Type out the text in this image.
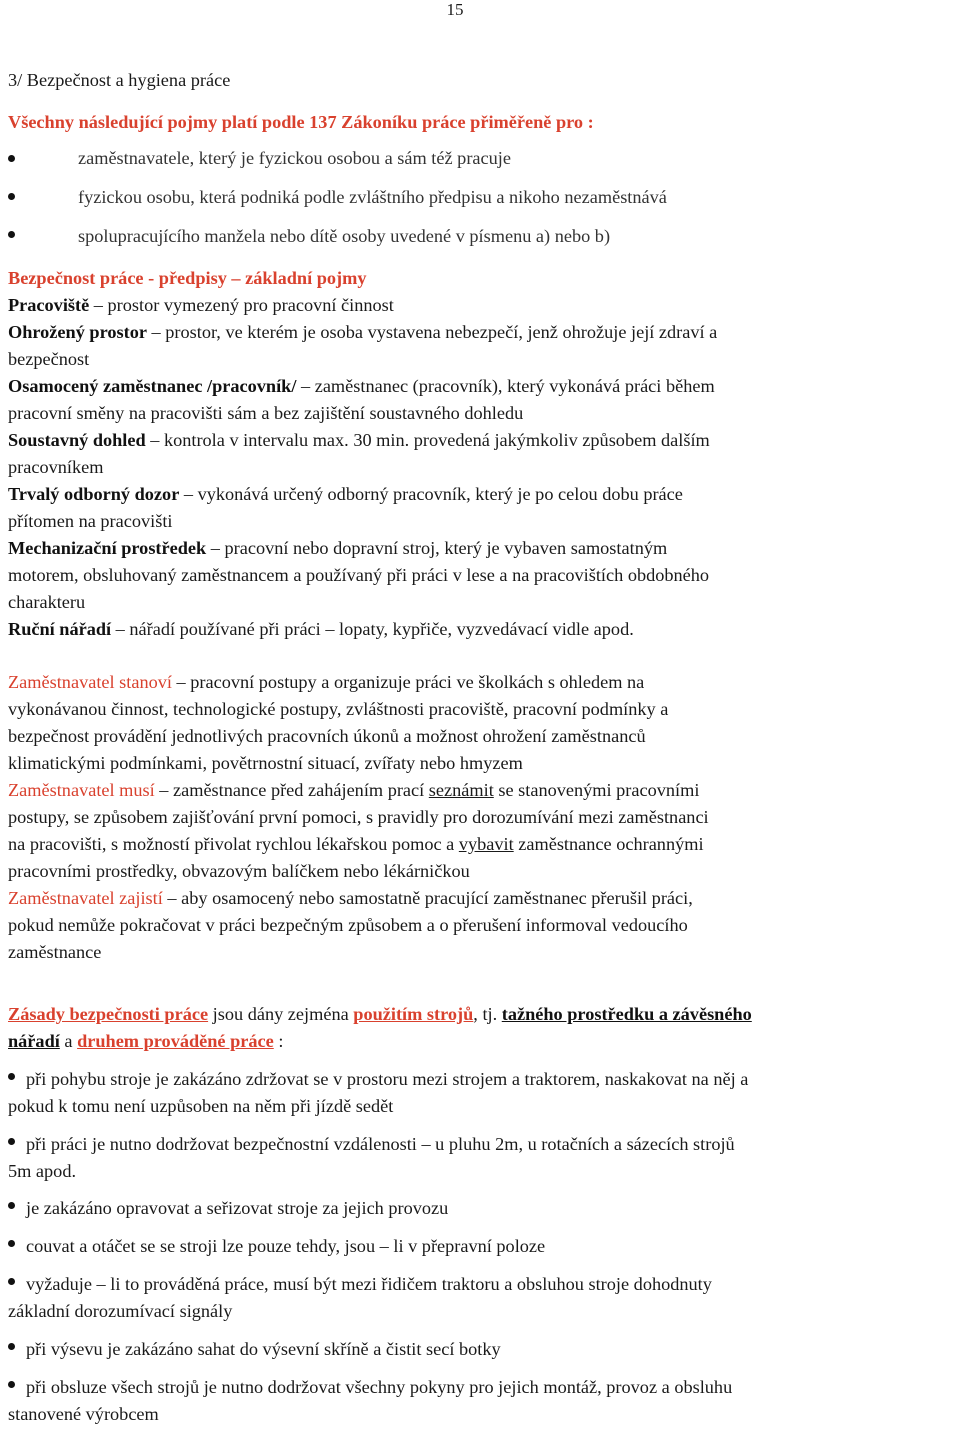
15
3/ Bezpečnost a hygiena práce
Všechny následující pojmy platí podle 137 Zákoníku práce přiměřeně pro :
zaměstnavatele, který je fyzickou osobou a sám též pracuje
fyzickou osobu, která podniká podle zvláštního předpisu a nikoho nezaměstnává
spolupracujícího manžela nebo dítě osoby uvedené v písmenu a) nebo b)
Bezpečnost práce - předpisy – základní pojmy
Pracoviště – prostor vymezený pro pracovní činnost
Ohrožený prostor – prostor, ve kterém je osoba vystavena nebezpečí, jenž ohrožuje její zdraví a
bezpečnost
Osamocený zaměstnanec /pracovník/ – zaměstnanec (pracovník), který vykonává práci během
pracovní směny na pracovišti sám a bez zajištění soustavného dohledu
Soustavný dohled – kontrola v intervalu max. 30 min. provedená jakýmkoliv způsobem dalším
pracovníkem
Trvalý odborný dozor – vykonává určený odborný pracovník, který je po celou dobu práce
přítomen na pracovišti
Mechanizační prostředek – pracovní nebo dopravní stroj, který je vybaven samostatným
motorem, obsluhovaný zaměstnancem a používaný při práci v lese a na pracovištích obdobného
charakteru
Ruční nářadí – nářadí používané při práci – lopaty, kypřiče, vyzvedávací vidle apod.
Zaměstnavatel stanoví – pracovní postupy a organizuje práci ve školkách s ohledem na
vykonávanou činnost, technologické postupy, zvláštnosti pracoviště, pracovní podmínky a
bezpečnost provádění jednotlivých pracovních úkonů a možnost ohrožení zaměstnanců
klimatickými podmínkami, povětrnostní situací, zvířaty nebo hmyzem
Zaměstnavatel musí – zaměstnance před zahájením prací seznámit se stanovenými pracovními
postupy, se způsobem zajišťování první pomoci, s pravidly pro dorozumívání mezi zaměstnanci
na pracovišti, s možností přivolat rychlou lékařskou pomoc a vybavit zaměstnance ochrannými
pracovními prostředky, obvazovým balíčkem nebo lékárničkou
Zaměstnavatel zajistí – aby osamocený nebo samostatně pracující zaměstnanec přerušil práci,
pokud nemůže pokračovat v práci bezpečným způsobem a o přerušení informoval vedoucího
zaměstnance
Zásady bezpečnosti práce jsou dány zejména použitím strojů, tj. tažného prostředku a závěsného
nářadí a druhem prováděné práce :
při pohybu stroje je zakázáno zdržovat se v prostoru mezi strojem a traktorem, naskakovat na něj a
pokud k tomu není uzpůsoben na něm při jízdě sedět
při práci je nutno dodržovat bezpečnostní vzdálenosti – u pluhu 2m, u rotačních a sázecích strojů
5m apod.
je zakázáno opravovat a seřizovat stroje za jejich provozu
couvat a otáčet se se stroji lze pouze tehdy, jsou – li v přepravní poloze
vyžaduje – li to prováděná práce, musí být mezi řidičem traktoru a obsluhou stroje dohodnuty
základní dorozumívací signály
při výsevu je zakázáno sahat do výsevní skříně a čistit secí botky
při obsluze všech strojů je nutno dodržovat všechny pokyny pro jejich montáž, provoz a obsluhu
stanovené výrobcem
